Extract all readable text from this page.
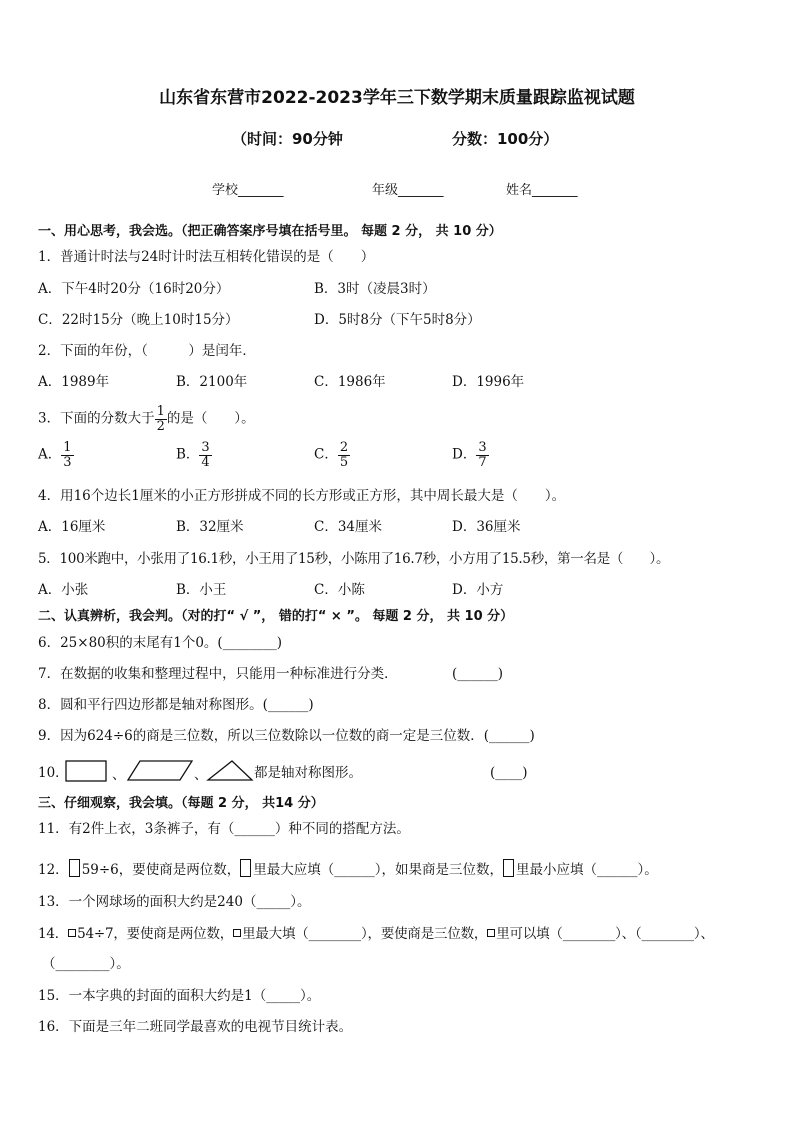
山东省东营市2022-2023学年三下数学期末质量跟踪监视试题
（时间：90分钟	分数：100分）
学校_______	年级_______	姓名_______
一、用心思考，我会选。（把正确答案序号填在括号里。 每题 2 分， 共 10 分）
1．普通计时法与24时计时法互相转化错误的是（　　）
A．下午4时20分（16时20分）	B．3时（凌晨3时）
C．22时15分（晚上10时15分）	D．5时8分（下午5时8分）
2．下面的年份，（　　　）是闰年．
A．1989年	B．2100年	C．1986年	D．1996年
3．下面的分数大于 $\frac{1}{2}$ 的是（　　）。
A． $\frac{1}{3}$	B． $\frac{3}{4}$	C． $\frac{2}{5}$	D． $\frac{3}{7}$
4．用16个边长1厘米的小正方形拼成不同的长方形或正方形，其中周长最大是（　　）。
A．16厘米	B．32厘米	C．34厘米	D．36厘米
5．100米跑中，小张用了16.1秒，小王用了15秒，小陈用了16.7秒，小方用了15.5秒，第一名是（　　）。
A．小张	B．小王	C．小陈	D．小方
二、认真辨析，我会判。（对的打“ √ ”， 错的打“ × ”。 每题 2 分， 共 10 分）
6．25×80积的末尾有1个0。(________)
7．在数据的收集和整理过程中，只能用一种标准进行分类．	(______)
8．圆和平行四边形都是轴对称图形。(______)
9．因为624÷6的商是三位数，所以三位数除以一位数的商一定是三位数．(______)
10．	、	、	都是轴对称图形。	(____)
三、仔细观察，我会填。（每题 2 分， 共14 分）
11．有2件上衣，3条裤子，有（______）种不同的搭配方法。
12． 59÷6，要使商是两位数， 里最大应填（______），如果商是三位数， 里最小应填（______）。
13．一个网球场的面积大约是240（_____）。
14． 54÷7，要使商是两位数， 里最大填（________），要使商是三位数， 里可以填（________）、（________）、
（________）。
15．一本字典的封面的面积大约是1（_____）。
16．下面是三年二班同学最喜欢的电视节目统计表。
